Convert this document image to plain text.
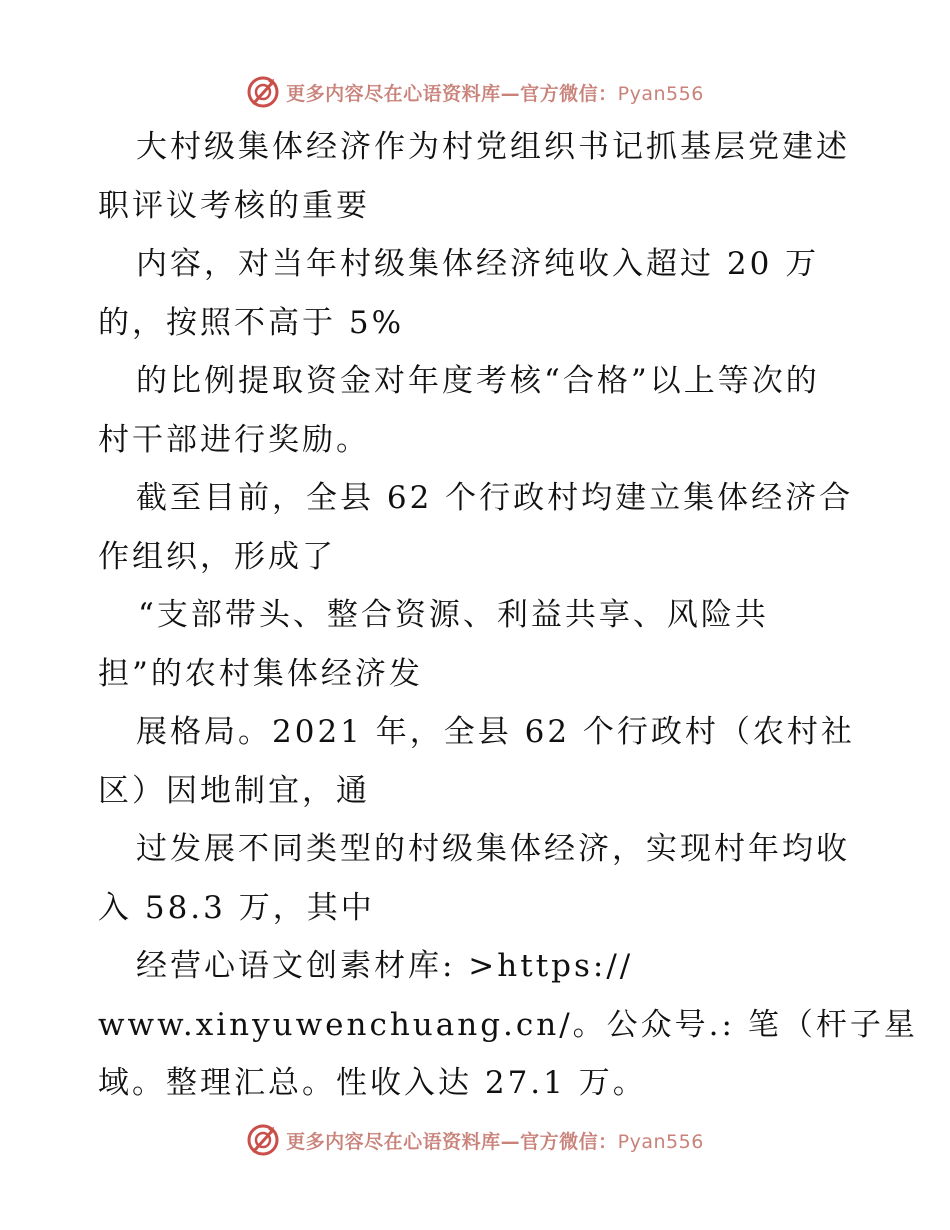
更多内容尽在心语资料库—官方微信：Pyan556
大村级集体经济作为村党组织书记抓基层党建述
职评议考核的重要
内容，对当年村级集体经济纯收入超过 20 万
的，按照不高于 5%
的比例提取资金对年度考核“合格”以上等次的
村干部进行奖励。
截至目前，全县 62 个行政村均建立集体经济合
作组织，形成了
“支部带头、整合资源、利益共享、风险共
担”的农村集体经济发
展格局。2021 年，全县 62 个行政村（农村社
区）因地制宜，通
过发展不同类型的村级集体经济，实现村年均收
入 58.3 万，其中
经营心语文创素材库: >https://
www.xinyuwenchuang.cn/。公众号.: 笔（杆子星
域。整理汇总。性收入达 27.1 万。
更多内容尽在心语资料库—官方微信：Pyan556
